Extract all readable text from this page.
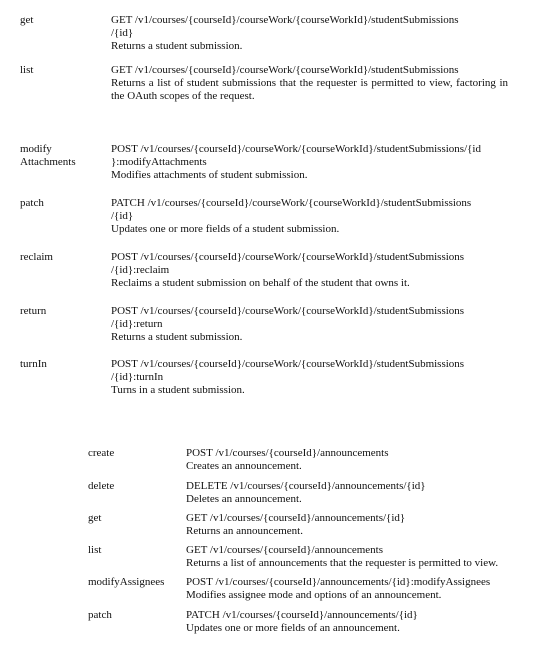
get	GET /v1/courses/{courseId}/courseWork/{courseWorkId}/studentSubmissions
/{id}
Returns a student submission.
list	GET /v1/courses/{courseId}/courseWork/{courseWorkId}/studentSubmissions
Returns a list of student submissions that the requester is permitted to view, factoring in the OAuth scopes of the request.
modify
Attachments
POST /v1/courses/{courseId}/courseWork/{courseWorkId}/studentSubmissions/{id
}:modifyAttachments
Modifies attachments of student submission.
patch	PATCH /v1/courses/{courseId}/courseWork/{courseWorkId}/studentSubmissions
/{id}
Updates one or more fields of a student submission.
reclaim	POST /v1/courses/{courseId}/courseWork/{courseWorkId}/studentSubmissions
/{id}:reclaim
Reclaims a student submission on behalf of the student that owns it.
return	POST /v1/courses/{courseId}/courseWork/{courseWorkId}/studentSubmissions
/{id}:return
Returns a student submission.
turnIn	POST /v1/courses/{courseId}/courseWork/{courseWorkId}/studentSubmissions
/{id}:turnIn
Turns in a student submission.
create	POST /v1/courses/{courseId}/announcements
Creates an announcement.
delete	DELETE /v1/courses/{courseId}/announcements/{id}
Deletes an announcement.
get	GET /v1/courses/{courseId}/announcements/{id}
Returns an announcement.
list	GET /v1/courses/{courseId}/announcements
Returns a list of announcements that the requester is permitted to view.
modifyAssignees	POST /v1/courses/{courseId}/announcements/{id}:modifyAssignees
Modifies assignee mode and options of an announcement.
patch	PATCH /v1/courses/{courseId}/announcements/{id}
Updates one or more fields of an announcement.
